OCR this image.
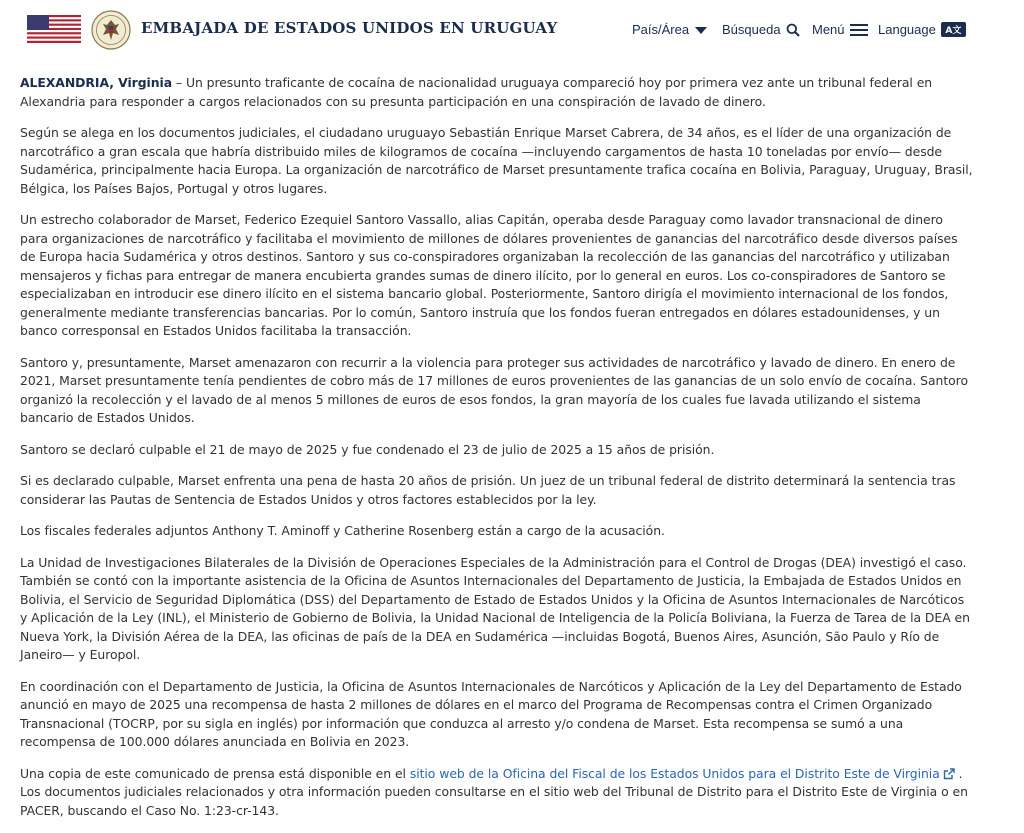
EMBAJADA DE ESTADOS UNIDOS EN URUGUAY	País/Área	Búsqueda Menú	Language	A文

ALEXANDRIA, Virginia – Un presunto traficante de cocaína de nacionalidad uruguaya compareció hoy por primera vez ante un tribunal federal en Alexandria para responder a cargos relacionados con su presunta participación en una conspiración de lavado de dinero.

Según se alega en los documentos judiciales, el ciudadano uruguayo Sebastián Enrique Marset Cabrera, de 34 años, es el líder de una organización de narcotráfico a gran escala que habría distribuido miles de kilogramos de cocaína —incluyendo cargamentos de hasta 10 toneladas por envío— desde Sudamérica, principalmente hacia Europa. La organización de narcotráfico de Marset presuntamente trafica cocaína en Bolivia, Paraguay, Uruguay, Brasil, Bélgica, los Países Bajos, Portugal y otros lugares.

Un estrecho colaborador de Marset, Federico Ezequiel Santoro Vassallo, alias Capitán, operaba desde Paraguay como lavador transnacional de dinero para organizaciones de narcotráfico y facilitaba el movimiento de millones de dólares provenientes de ganancias del narcotráfico desde diversos países de Europa hacia Sudamérica y otros destinos. Santoro y sus co-conspiradores organizaban la recolección de las ganancias del narcotráfico y utilizaban mensajeros y fichas para entregar de manera encubierta grandes sumas de dinero ilícito, por lo general en euros. Los co-conspiradores de Santoro se especializaban en introducir ese dinero ilícito en el sistema bancario global. Posteriormente, Santoro dirigía el movimiento internacional de los fondos, generalmente mediante transferencias bancarias. Por lo común, Santoro instruía que los fondos fueran entregados en dólares estadounidenses, y un banco corresponsal en Estados Unidos facilitaba la transacción.

Santoro y, presuntamente, Marset amenazaron con recurrir a la violencia para proteger sus actividades de narcotráfico y lavado de dinero. En enero de 2021, Marset presuntamente tenía pendientes de cobro más de 17 millones de euros provenientes de las ganancias de un solo envío de cocaína. Santoro organizó la recolección y el lavado de al menos 5 millones de euros de esos fondos, la gran mayoría de los cuales fue lavada utilizando el sistema bancario de Estados Unidos.

Santoro se declaró culpable el 21 de mayo de 2025 y fue condenado el 23 de julio de 2025 a 15 años de prisión.

Si es declarado culpable, Marset enfrenta una pena de hasta 20 años de prisión. Un juez de un tribunal federal de distrito determinará la sentencia tras considerar las Pautas de Sentencia de Estados Unidos y otros factores establecidos por la ley.

Los fiscales federales adjuntos Anthony T. Aminoff y Catherine Rosenberg están a cargo de la acusación.

La Unidad de Investigaciones Bilaterales de la División de Operaciones Especiales de la Administración para el Control de Drogas (DEA) investigó el caso. También se contó con la importante asistencia de la Oficina de Asuntos Internacionales del Departamento de Justicia, la Embajada de Estados Unidos en Bolivia, el Servicio de Seguridad Diplomática (DSS) del Departamento de Estado de Estados Unidos y la Oficina de Asuntos Internacionales de Narcóticos y Aplicación de la Ley (INL), el Ministerio de Gobierno de Bolivia, la Unidad Nacional de Inteligencia de la Policía Boliviana, la Fuerza de Tarea de la DEA en Nueva York, la División Aérea de la DEA, las oficinas de país de la DEA en Sudamérica —incluidas Bogotá, Buenos Aires, Asunción, São Paulo y Río de Janeiro— y Europol.

En coordinación con el Departamento de Justicia, la Oficina de Asuntos Internacionales de Narcóticos y Aplicación de la Ley del Departamento de Estado anunció en mayo de 2025 una recompensa de hasta 2 millones de dólares en el marco del Programa de Recompensas contra el Crimen Organizado Transnacional (TOCRP, por su sigla en inglés) por información que conduzca al arresto y/o condena de Marset. Esta recompensa se sumó a una recompensa de 100.000 dólares anunciada en Bolivia en 2023.

Una copia de este comunicado de prensa está disponible en el sitio web de la Oficina del Fiscal de los Estados Unidos para el Distrito Este de Virginia . Los documentos judiciales relacionados y otra información pueden consultarse en el sitio web del Tribunal de Distrito para el Distrito Este de Virginia o en PACER, buscando el Caso No. 1:23-cr-143.
